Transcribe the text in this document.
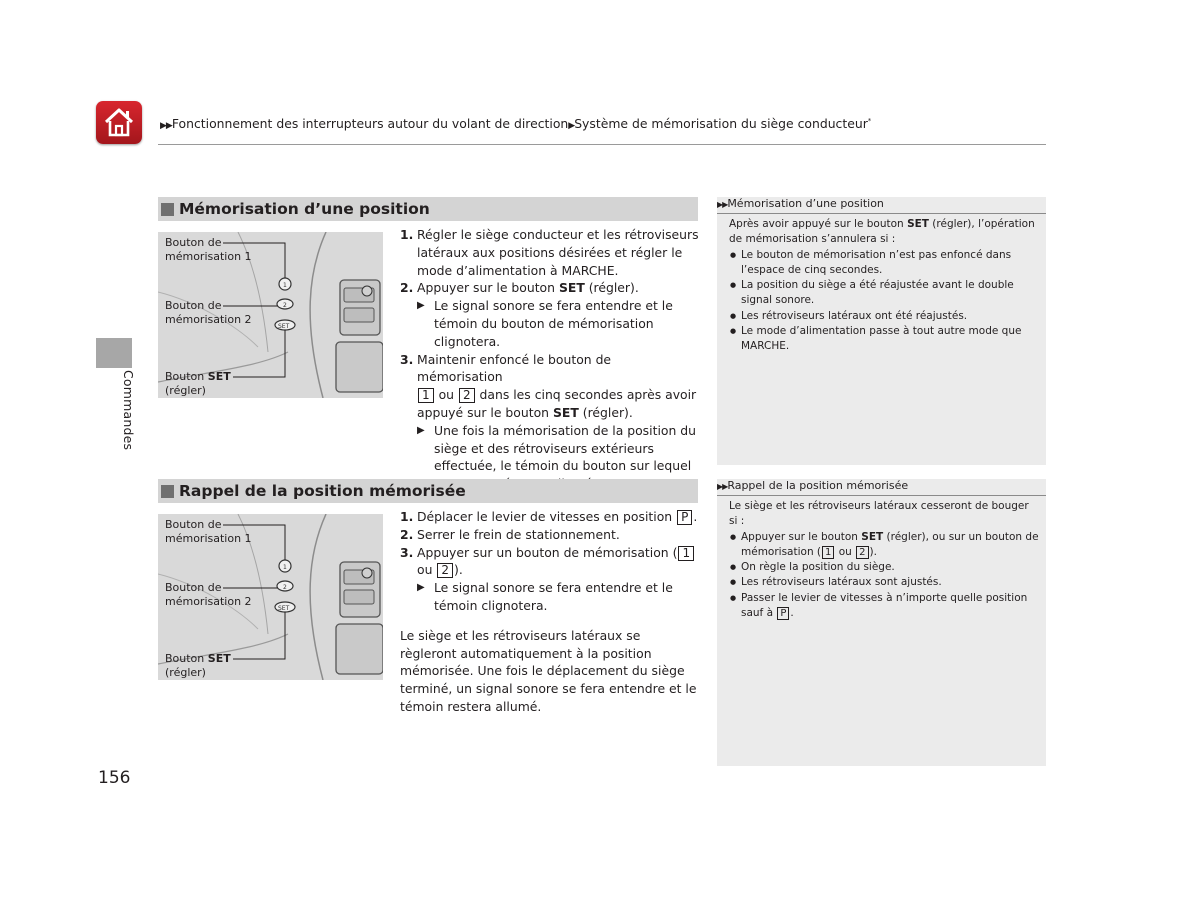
▶▶Fonctionnement des interrupteurs autour du volant de direction▶Système de mémorisation du siège conducteur*
Commandes
Mémorisation d’une position
1
2
SET
Bouton de
mémorisation 1
Bouton de
mémorisation 2
Bouton SET
(régler)
1. Régler le siège conducteur et les rétroviseurs latéraux aux positions désirées et régler le mode d’alimentation à MARCHE.
2. Appuyer sur le bouton SET (régler).
▶ Le signal sonore se fera entendre et le témoin du bouton de mémorisation clignotera.
3. Maintenir enfoncé le bouton de mémorisation
1 ou 2 dans les cinq secondes après avoir appuyé sur le bouton SET (régler).
▶ Une fois la mémorisation de la position du siège et des rétroviseurs extérieurs effectuée, le témoin du bouton sur lequel
▶▶Mémorisation d’une position
Après avoir appuyé sur le bouton SET (régler), l’opération de mémorisation s’annulera si :
● Le bouton de mémorisation n’est pas enfoncé dans l’espace de cinq secondes.
● La position du siège a été réajustée avant le double signal sonore.
● Les rétroviseurs latéraux ont été réajustés.
● Le mode d’alimentation passe à tout autre mode que MARCHE.
Rappel de la position mémorisée
1
2
SET
Bouton de
mémorisation 1
Bouton de
mémorisation 2
Bouton SET
(régler)
1. Déplacer le levier de vitesses en position P .
2. Serrer le frein de stationnement.
3. Appuyer sur un bouton de mémorisation ( 1 ou 2 ).
▶ Le signal sonore se fera entendre et le témoin clignotera.
Le siège et les rétroviseurs latéraux se règleront automatiquement à la position mémorisée. Une fois le déplacement du siège terminé, un signal sonore se fera entendre et le témoin restera allumé.
▶▶Rappel de la position mémorisée
Le siège et les rétroviseurs latéraux cesseront de bouger si :
● Appuyer sur le bouton SET (régler), ou sur un bouton de mémorisation ( 1 ou 2 ).
● On règle la position du siège.
● Les rétroviseurs latéraux sont ajustés.
● Passer le levier de vitesses à n’importe quelle position sauf à P .
156
